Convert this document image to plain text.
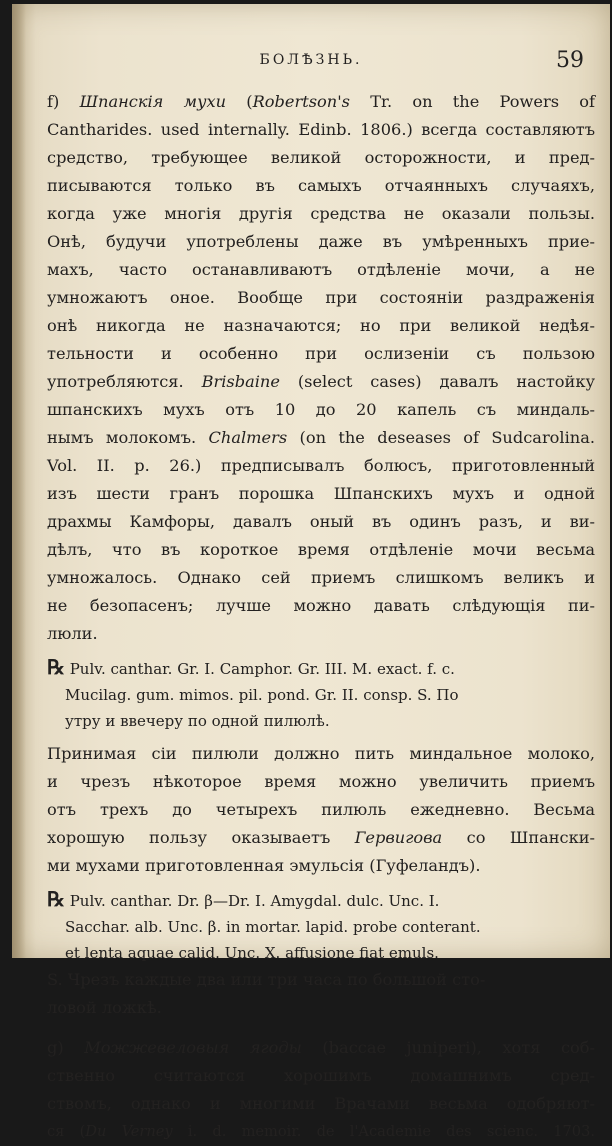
БОЛѢЗНЬ.	59
f) Шпанскія мухи (Robertson's Tr. on the Powers of
Cantharides. used internally. Edinb. 1806.) всегда составляютъ
средство, требующее великой осторожности, и пред-
писываются только въ самыхъ отчаянныхъ случаяхъ,
когда уже многія другія средства не оказали пользы.
Онѣ, будучи употреблены даже въ умѣренныхъ прие-
махъ, часто останавливаютъ отдѣленіе мочи, а не
умножаютъ оное. Вообще при состояніи раздраженія
онѣ никогда не назначаются; но при великой недѣя-
тельности и особенно при ослизеніи съ пользою
употребляются. Brisbaine (select cases) давалъ настойку
шпанскихъ мухъ отъ 10 до 20 капель съ миндаль-
нымъ молокомъ. Chalmers (on the deseases of Sudcarolina.
Vol. II. p. 26.) предписывалъ болюсъ, приготовленный
изъ шести гранъ порошка Шпанскихъ мухъ и одной
драхмы Камфоры, давалъ оный въ одинъ разъ, и ви-
дѣлъ, что въ короткое время отдѣленіе мочи весьма
умножалось. Однако сей приемъ слишкомъ великъ и
не безопасенъ; лучше можно давать слѣдующія пи-
люли.
℞ Pulv. canthar. Gr. I. Camphor. Gr. III. M. exact. f. c.
Mucilag. gum. mimos. pil. pond. Gr. II. consp. S. По
утру и ввечеру по одной пилюлѣ.
Принимая сіи пилюли должно пить миндальное молоко,
и чрезъ нѣкоторое время можно увеличить приемъ
отъ трехъ до четырехъ пилюль ежедневно. Весьма
хорошую пользу оказываетъ Гервигова со Шпански-
ми мухами приготовленная эмульсія (Гуфеландъ).
℞ Pulv. canthar. Dr. β—Dr. I. Amygdal. dulc. Unc. I.
Sacchar. alb. Unc. β. in mortar. lapid. probe conterant.
et lenta aquae calid. Unc. X. affusione fiat emuls.
S. Чрезъ каждые два или три часа по большой сто-
ловой ложкѣ.
g) Можжевеловыя ягоды (baccae juniperi), хотя соб-
ственно считаются хорошимъ домашнимъ сред-
ствомъ, однако и многими Врачами весьма одобряют-
ся (Du Verney i. d. memoir. de l'Academie des scienc. 1703.
